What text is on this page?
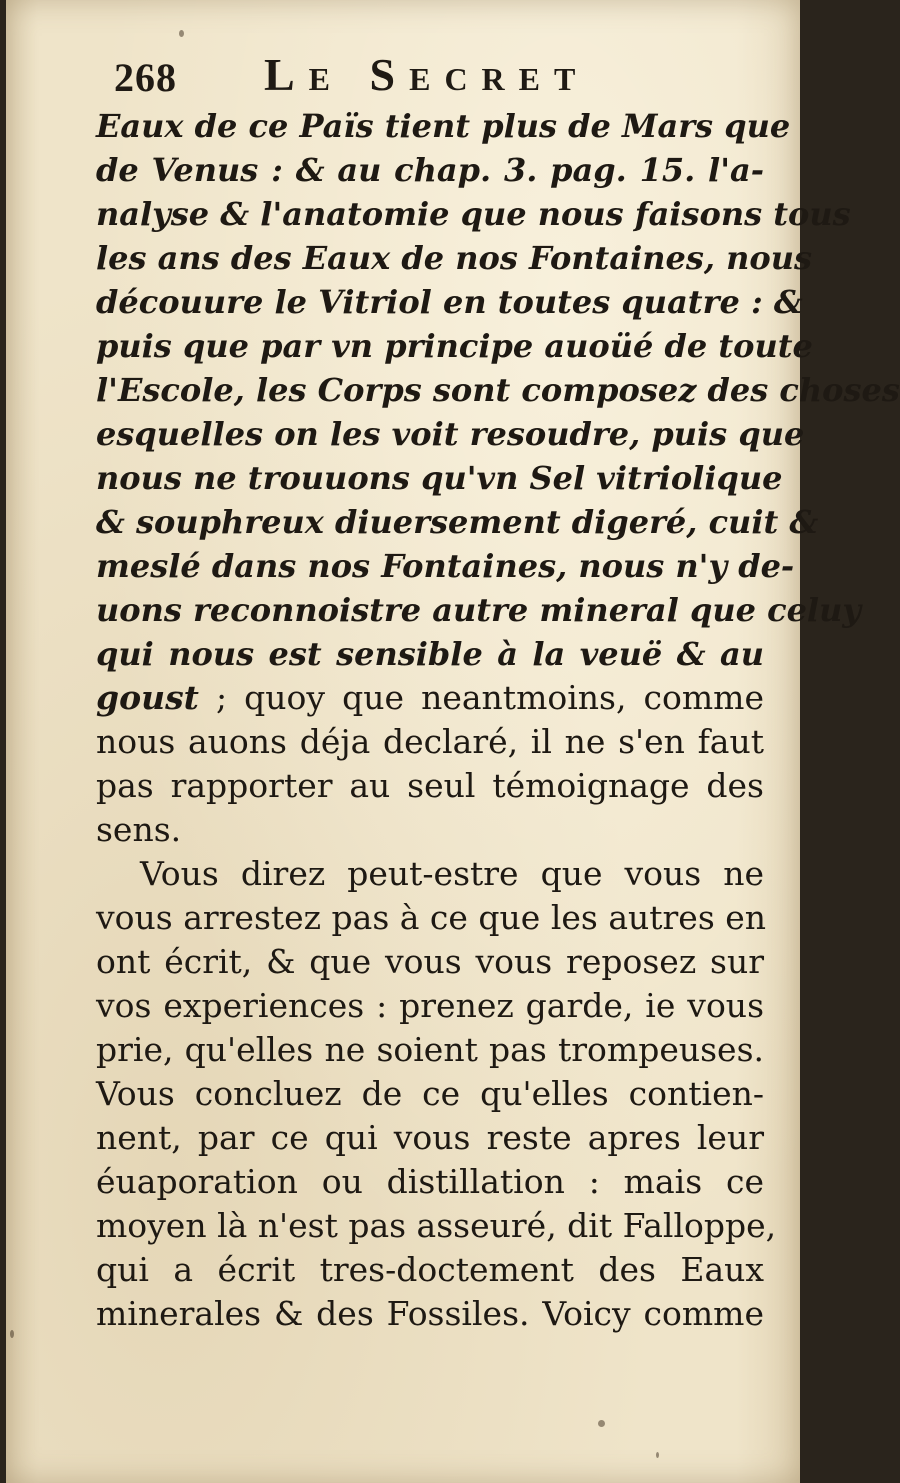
268 Le Secret
Eaux de ce Païs tient plus de Mars que
de Venus : & au chap. 3. pag. 15. l'a-
nalyse & l'anatomie que nous faisons tous
les ans des Eaux de nos Fontaines, nous
découure le Vitriol en toutes quatre : &
puis que par vn principe auoüé de toute
l'Escole, les Corps sont composez des choses
esquelles on les voit resoudre, puis que
nous ne trouuons qu'vn Sel vitriolique
& souphreux diuersement digeré, cuit &
meslé dans nos Fontaines, nous n'y de-
uons reconnoistre autre mineral que celuy
qui nous est sensible à la veuë & au
goust ; quoy que neantmoins, comme
nous auons déja declaré, il ne s'en faut
pas rapporter au seul témoignage des
sens.
Vous direz peut-estre que vous ne
vous arrestez pas à ce que les autres en
ont écrit, & que vous vous reposez sur
vos experiences : prenez garde, ie vous
prie, qu'elles ne soient pas trompeuses.
Vous concluez de ce qu'elles contien-
nent, par ce qui vous reste apres leur
éuaporation ou distillation : mais ce
moyen là n'est pas asseuré, dit Falloppe,
qui a écrit tres-doctement des Eaux
minerales & des Fossiles. Voicy comme
